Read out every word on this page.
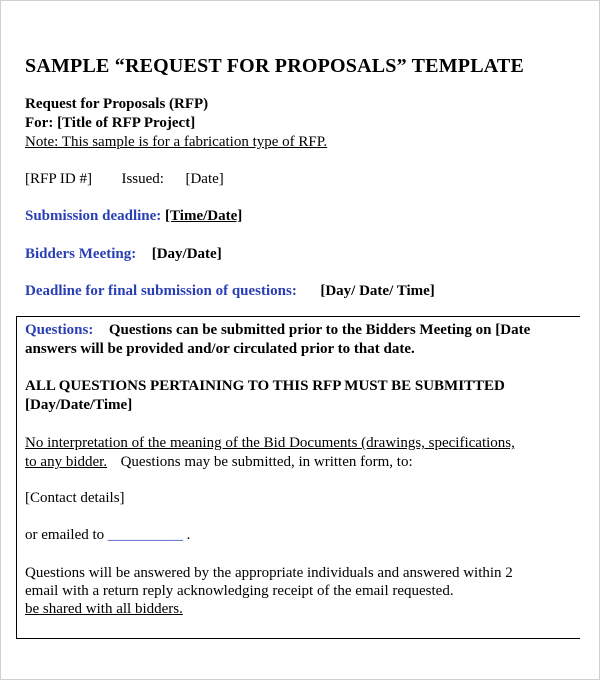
SAMPLE “REQUEST FOR PROPOSALS” TEMPLATE
Request for Proposals (RFP)
For: [Title of RFP Project]
Note: This sample is for a fabrication type of RFP.
[RFP ID #] Issued: [Date]
Submission deadline: [Time/Date]
Bidders Meeting: [Day/Date]
Deadline for final submission of questions: [Day/ Date/ Time]
Questions: Questions can be submitted prior to the Bidders Meeting on [Date
answers will be provided and/or circulated prior to that date.
ALL QUESTIONS PERTAINING TO THIS RFP MUST BE SUBMITTED
[Day/Date/Time]
No interpretation of the meaning of the Bid Documents (drawings, specifications,
to any bidder. Questions may be submitted, in written form, to:
[Contact details]
or emailed to __________ .
Questions will be answered by the appropriate individuals and answered within 2
email with a return reply acknowledging receipt of the email requested.
be shared with all bidders.
